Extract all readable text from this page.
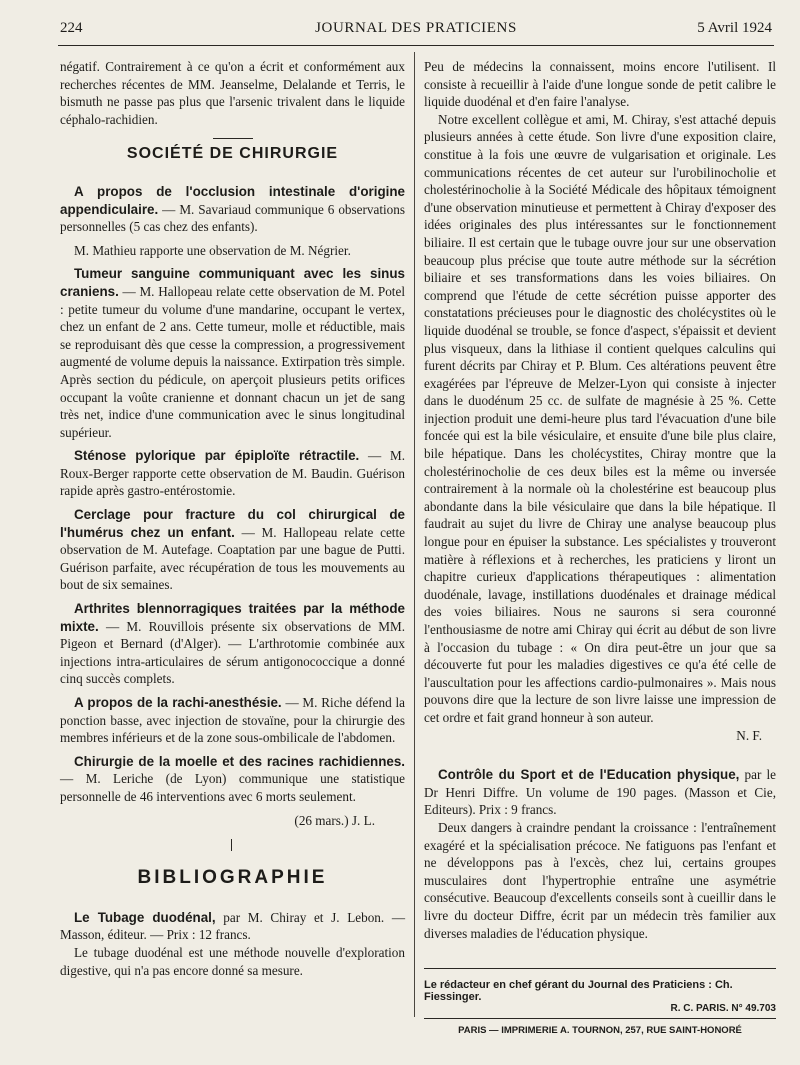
224	JOURNAL DES PRATICIENS	5 Avril 1924

négatif. Contrairement à ce qu'on a écrit et conformément aux recherches récentes de MM. Jeanselme, Delalande et Terris, le bismuth ne passe pas plus que l'arsenic trivalent dans le liquide céphalo-rachidien.

SOCIÉTÉ DE CHIRURGIE
A propos de l'occlusion intestinale d'origine appendiculaire. — M. Savariaud communique 6 observations personnelles (5 cas chez des enfants).
M. Mathieu rapporte une observation de M. Négrier.
Tumeur sanguine communiquant avec les sinus craniens. — M. Hallopeau relate cette observation de M. Potel : petite tumeur du volume d'une mandarine, occupant le vertex, chez un enfant de 2 ans. Cette tumeur, molle et réductible, mais se reproduisant dès que cesse la compression, a progressivement augmenté de volume depuis la naissance. Extirpation très simple. Après section du pédicule, on aperçoit plusieurs petits orifices occupant la voûte cranienne et donnant chacun un jet de sang très net, indice d'une communication avec le sinus longitudinal supérieur.
Sténose pylorique par épiploïte rétractile. — M. Roux-Berger rapporte cette observation de M. Baudin. Guérison rapide après gastro-entérostomie.
Cerclage pour fracture du col chirurgical de l'humérus chez un enfant. — M. Hallopeau relate cette observation de M. Autefage. Coaptation par une bague de Putti. Guérison parfaite, avec récupération de tous les mouvements au bout de six semaines.
Arthrites blennorragiques traitées par la méthode mixte. — M. Rouvillois présente six observations de MM. Pigeon et Bernard (d'Alger). — L'arthrotomie combinée aux injections intra-articulaires de sérum antigonococcique a donné cinq succès complets.
A propos de la rachi-anesthésie. — M. Riche défend la ponction basse, avec injection de stovaïne, pour la chirurgie des membres inférieurs et de la zone sous-ombilicale de l'abdomen.
Chirurgie de la moelle et des racines rachidiennes. — M. Leriche (de Lyon) communique une statistique personnelle de 46 interventions avec 6 morts seulement.

(26 mars.) J. L.

BIBLIOGRAPHIE

Le Tubage duodénal, par M. Chiray et J. Lebon. — Masson, éditeur. — Prix : 12 francs.

Le tubage duodénal est une méthode nouvelle d'exploration digestive, qui n'a pas encore donné sa mesure.

Peu de médecins la connaissent, moins encore l'utilisent. Il consiste à recueillir à l'aide d'une longue sonde de petit calibre le liquide duodénal et d'en faire l'analyse.

Notre excellent collègue et ami, M. Chiray, s'est attaché depuis plusieurs années à cette étude. Son livre d'une exposition claire, constitue à la fois une œuvre de vulgarisation et originale. Les communications récentes de cet auteur sur l'urobilinocholie et cholestérinocholie à la Société Médicale des hôpitaux témoignent d'une observation minutieuse et permettent à Chiray d'exposer des idées originales des plus intéressantes sur le fonctionnement biliaire. Il est certain que le tubage ouvre jour sur une observation beaucoup plus précise que toute autre méthode sur la sécrétion biliaire et ses transformations dans les voies biliaires. On comprend que l'étude de cette sécrétion puisse apporter des constatations précieuses pour le diagnostic des cholécystites où le liquide duodénal se trouble, se fonce d'aspect, s'épaissit et devient plus visqueux, dans la lithiase il contient quelques calculins qui furent décrits par Chiray et P. Blum. Ces altérations peuvent être exagérées par l'épreuve de Melzer-Lyon qui consiste à injecter dans le duodénum 25 cc. de sulfate de magnésie à 25 %. Cette injection produit une demi-heure plus tard l'évacuation d'une bile foncée qui est la bile vésiculaire, et ensuite d'une bile plus claire, bile hépatique. Dans les cholécystites, Chiray montre que la cholestérinocholie de ces deux biles est la même ou inversée contrairement à la normale où la cholestérine est beaucoup plus abondante dans la bile vésiculaire que dans la bile hépatique. Il faudrait au sujet du livre de Chiray une analyse beaucoup plus longue pour en épuiser la substance. Les spécialistes y trouveront matière à réflexions et à recherches, les praticiens y liront un chapitre curieux d'applications thérapeutiques : alimentation duodénale, lavage, instillations duodénales et drainage médical des voies biliaires. Nous ne saurons si sera couronné l'enthousiasme de notre ami Chiray qui écrit au début de son livre à l'occasion du tubage : « On dira peut-être un jour que sa découverte fut pour les maladies digestives ce qu'a été celle de l'auscultation pour les affections cardio-pulmonaires ». Mais nous pouvons dire que la lecture de son livre laisse une impression de cet ordre et fait grand honneur à son auteur.

N. F.

Contrôle du Sport et de l'Education physique, par le Dr Henri Diffre. Un volume de 190 pages. (Masson et Cie, Editeurs). Prix : 9 francs.

Deux dangers à craindre pendant la croissance : l'entraînement exagéré et la spécialisation précoce. Ne fatiguons pas l'enfant et ne développons pas à l'excès, chez lui, certains groupes musculaires dont l'hypertrophie entraîne une asymétrie consécutive. Beaucoup d'excellents conseils sont à cueillir dans le livre du docteur Diffre, écrit par un médecin très familier aux diverses maladies de l'éducation physique.

Le rédacteur en chef gérant du Journal des Praticiens : Ch. Fiessinger.
R. C. PARIS. N° 49.703
PARIS — IMPRIMERIE A. TOURNON, 257, RUE SAINT-HONORÉ
